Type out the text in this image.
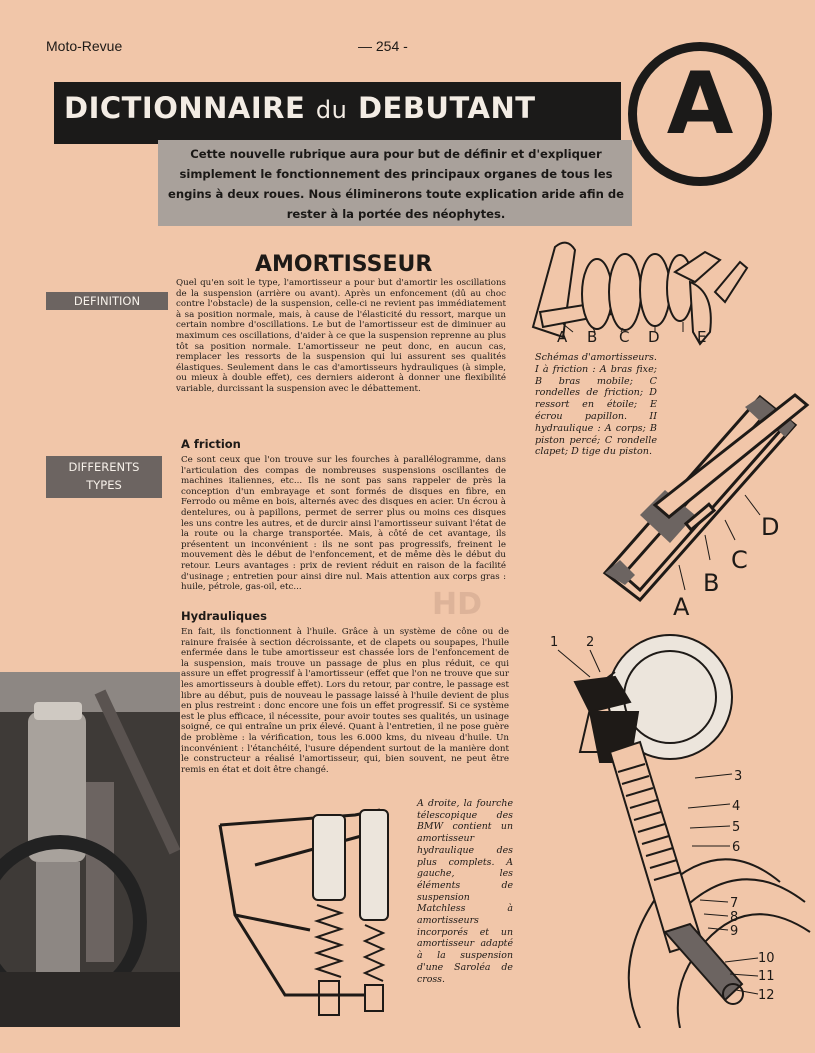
Moto-Revue	— 254 -
DICTIONNAIRE du DEBUTANT	A
Cette nouvelle rubrique aura pour but de définir et d'expliquer simplement le fonctionnement des principaux organes de tous les engins à deux roues. Nous éliminerons toute explication aride afin de rester à la portée des néophytes.
AMORTISSEUR
DEFINITION
DIFFERENTS
TYPES
Quel qu'en soit le type, l'amortisseur a pour but d'amortir les oscillations de la suspension (arrière ou avant). Après un enfoncement (dû au choc contre l'obstacle) de la suspension, celle-ci ne revient pas immédiatement à sa position normale, mais, à cause de l'élasticité du ressort, marque un certain nombre d'oscillations. Le but de l'amortisseur est de diminuer au maximum ces oscillations, d'aider à ce que la suspension reprenne au plus tôt sa position normale. L'amortisseur ne peut donc, en aucun cas, remplacer les ressorts de la suspension qui lui assurent ses qualités élastiques. Seulement dans le cas d'amortisseurs hydrauliques (à simple, ou mieux à double effet), ces derniers aideront à donner une flexibilité variable, durcissant la suspension avec le débattement.
A friction
Ce sont ceux que l'on trouve sur les fourches à parallélogramme, dans l'articulation des compas de nombreuses suspensions oscillantes de machines italiennes, etc... Ils ne sont pas sans rappeler de près la conception d'un embrayage et sont formés de disques en fibre, en Ferrodo ou même en bois, alternés avec des disques en acier. Un écrou à dentelures, ou à papillons, permet de serrer plus ou moins ces disques les uns contre les autres, et de durcir ainsi l'amortisseur suivant l'état de la route ou la charge transportée. Mais, à côté de cet avantage, ils présentent un inconvénient : ils ne sont pas progressifs, freinent le mouvement dès le début de l'enfoncement, et de même dès le début du retour. Leurs avantages : prix de revient réduit en raison de la facilité d'usinage ; entretien pour ainsi dire nul. Mais attention aux corps gras : huile, pétrole, gas-oil, etc...
Hydrauliques
En fait, ils fonctionnent à l'huile. Grâce à un système de cône ou de rainure fraisée à section décroissante, et de clapets ou soupapes, l'huile enfermée dans le tube amortisseur est chassée lors de l'enfoncement de la suspension, mais trouve un passage de plus en plus réduit, ce qui assure un effet progressif à l'amortisseur (effet que l'on ne trouve que sur les amortisseurs à double effet). Lors du retour, par contre, le passage est libre au début, puis de nouveau le passage laissé à l'huile devient de plus en plus restreint : donc encore une fois un effet progressif. Si ce système est le plus efficace, il nécessite, pour avoir toutes ses qualités, un usinage soigné, ce qui entraîne un prix élevé. Quant à l'entretien, il ne pose guère de problème : la vérification, tous les 6.000 kms, du niveau d'huile. Un inconvénient : l'étanchéité, l'usure dépendent surtout de la manière dont le constructeur a réalisé l'amortisseur, qui, bien souvent, ne peut être remis en état et doit être changé.
HD
A B C D E
Schémas d'amortisseurs. I à friction : A bras fixe; B bras mobile; C rondelles de friction; D ressort en étoile; E écrou papillon. II hydraulique : A corps; B piston percé; C rondelle clapet; D tige du piston.
A
B
C
D
A droite, la fourche télescopique des BMW contient un amortisseur hydraulique des plus complets. A gauche, les éléments de suspension Matchless à amortisseurs incorporés et un amortisseur adapté à la suspension d'une Saroléa de cross.
1 2
3
4
5
6
7
8
9
10
11
12
